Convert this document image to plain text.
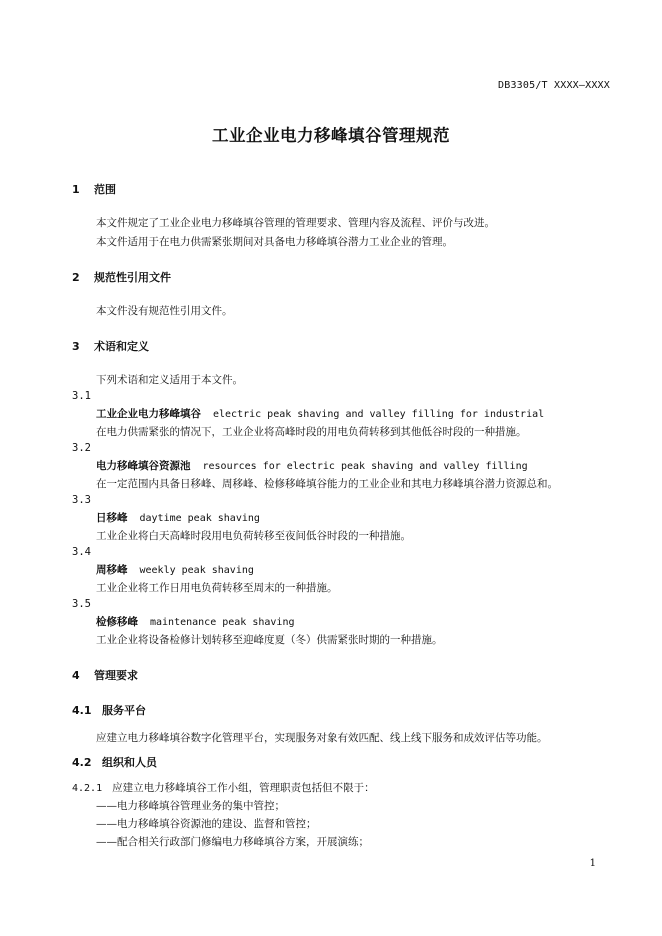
DB3305/T XXXX—XXXX
工业企业电力移峰填谷管理规范
1 范围
本文件规定了工业企业电力移峰填谷管理的管理要求、管理内容及流程、评价与改进。
本文件适用于在电力供需紧张期间对具备电力移峰填谷潜力工业企业的管理。
2 规范性引用文件
本文件没有规范性引用文件。
3 术语和定义
下列术语和定义适用于本文件。
3.1
工业企业电力移峰填谷 electric peak shaving and valley filling for industrial
在电力供需紧张的情况下，工业企业将高峰时段的用电负荷转移到其他低谷时段的一种措施。
3.2
电力移峰填谷资源池 resources for electric peak shaving and valley filling
在一定范围内具备日移峰、周移峰、检修移峰填谷能力的工业企业和其电力移峰填谷潜力资源总和。
3.3
日移峰 daytime peak shaving
工业企业将白天高峰时段用电负荷转移至夜间低谷时段的一种措施。
3.4
周移峰 weekly peak shaving
工业企业将工作日用电负荷转移至周末的一种措施。
3.5
检修移峰 maintenance peak shaving
工业企业将设备检修计划转移至迎峰度夏（冬）供需紧张时期的一种措施。
4 管理要求
4.1 服务平台
应建立电力移峰填谷数字化管理平台，实现服务对象有效匹配、线上线下服务和成效评估等功能。
4.2 组织和人员
4.2.1 应建立电力移峰填谷工作小组，管理职责包括但不限于：
——电力移峰填谷管理业务的集中管控；
——电力移峰填谷资源池的建设、监督和管控；
——配合相关行政部门修编电力移峰填谷方案，开展演练；
1
